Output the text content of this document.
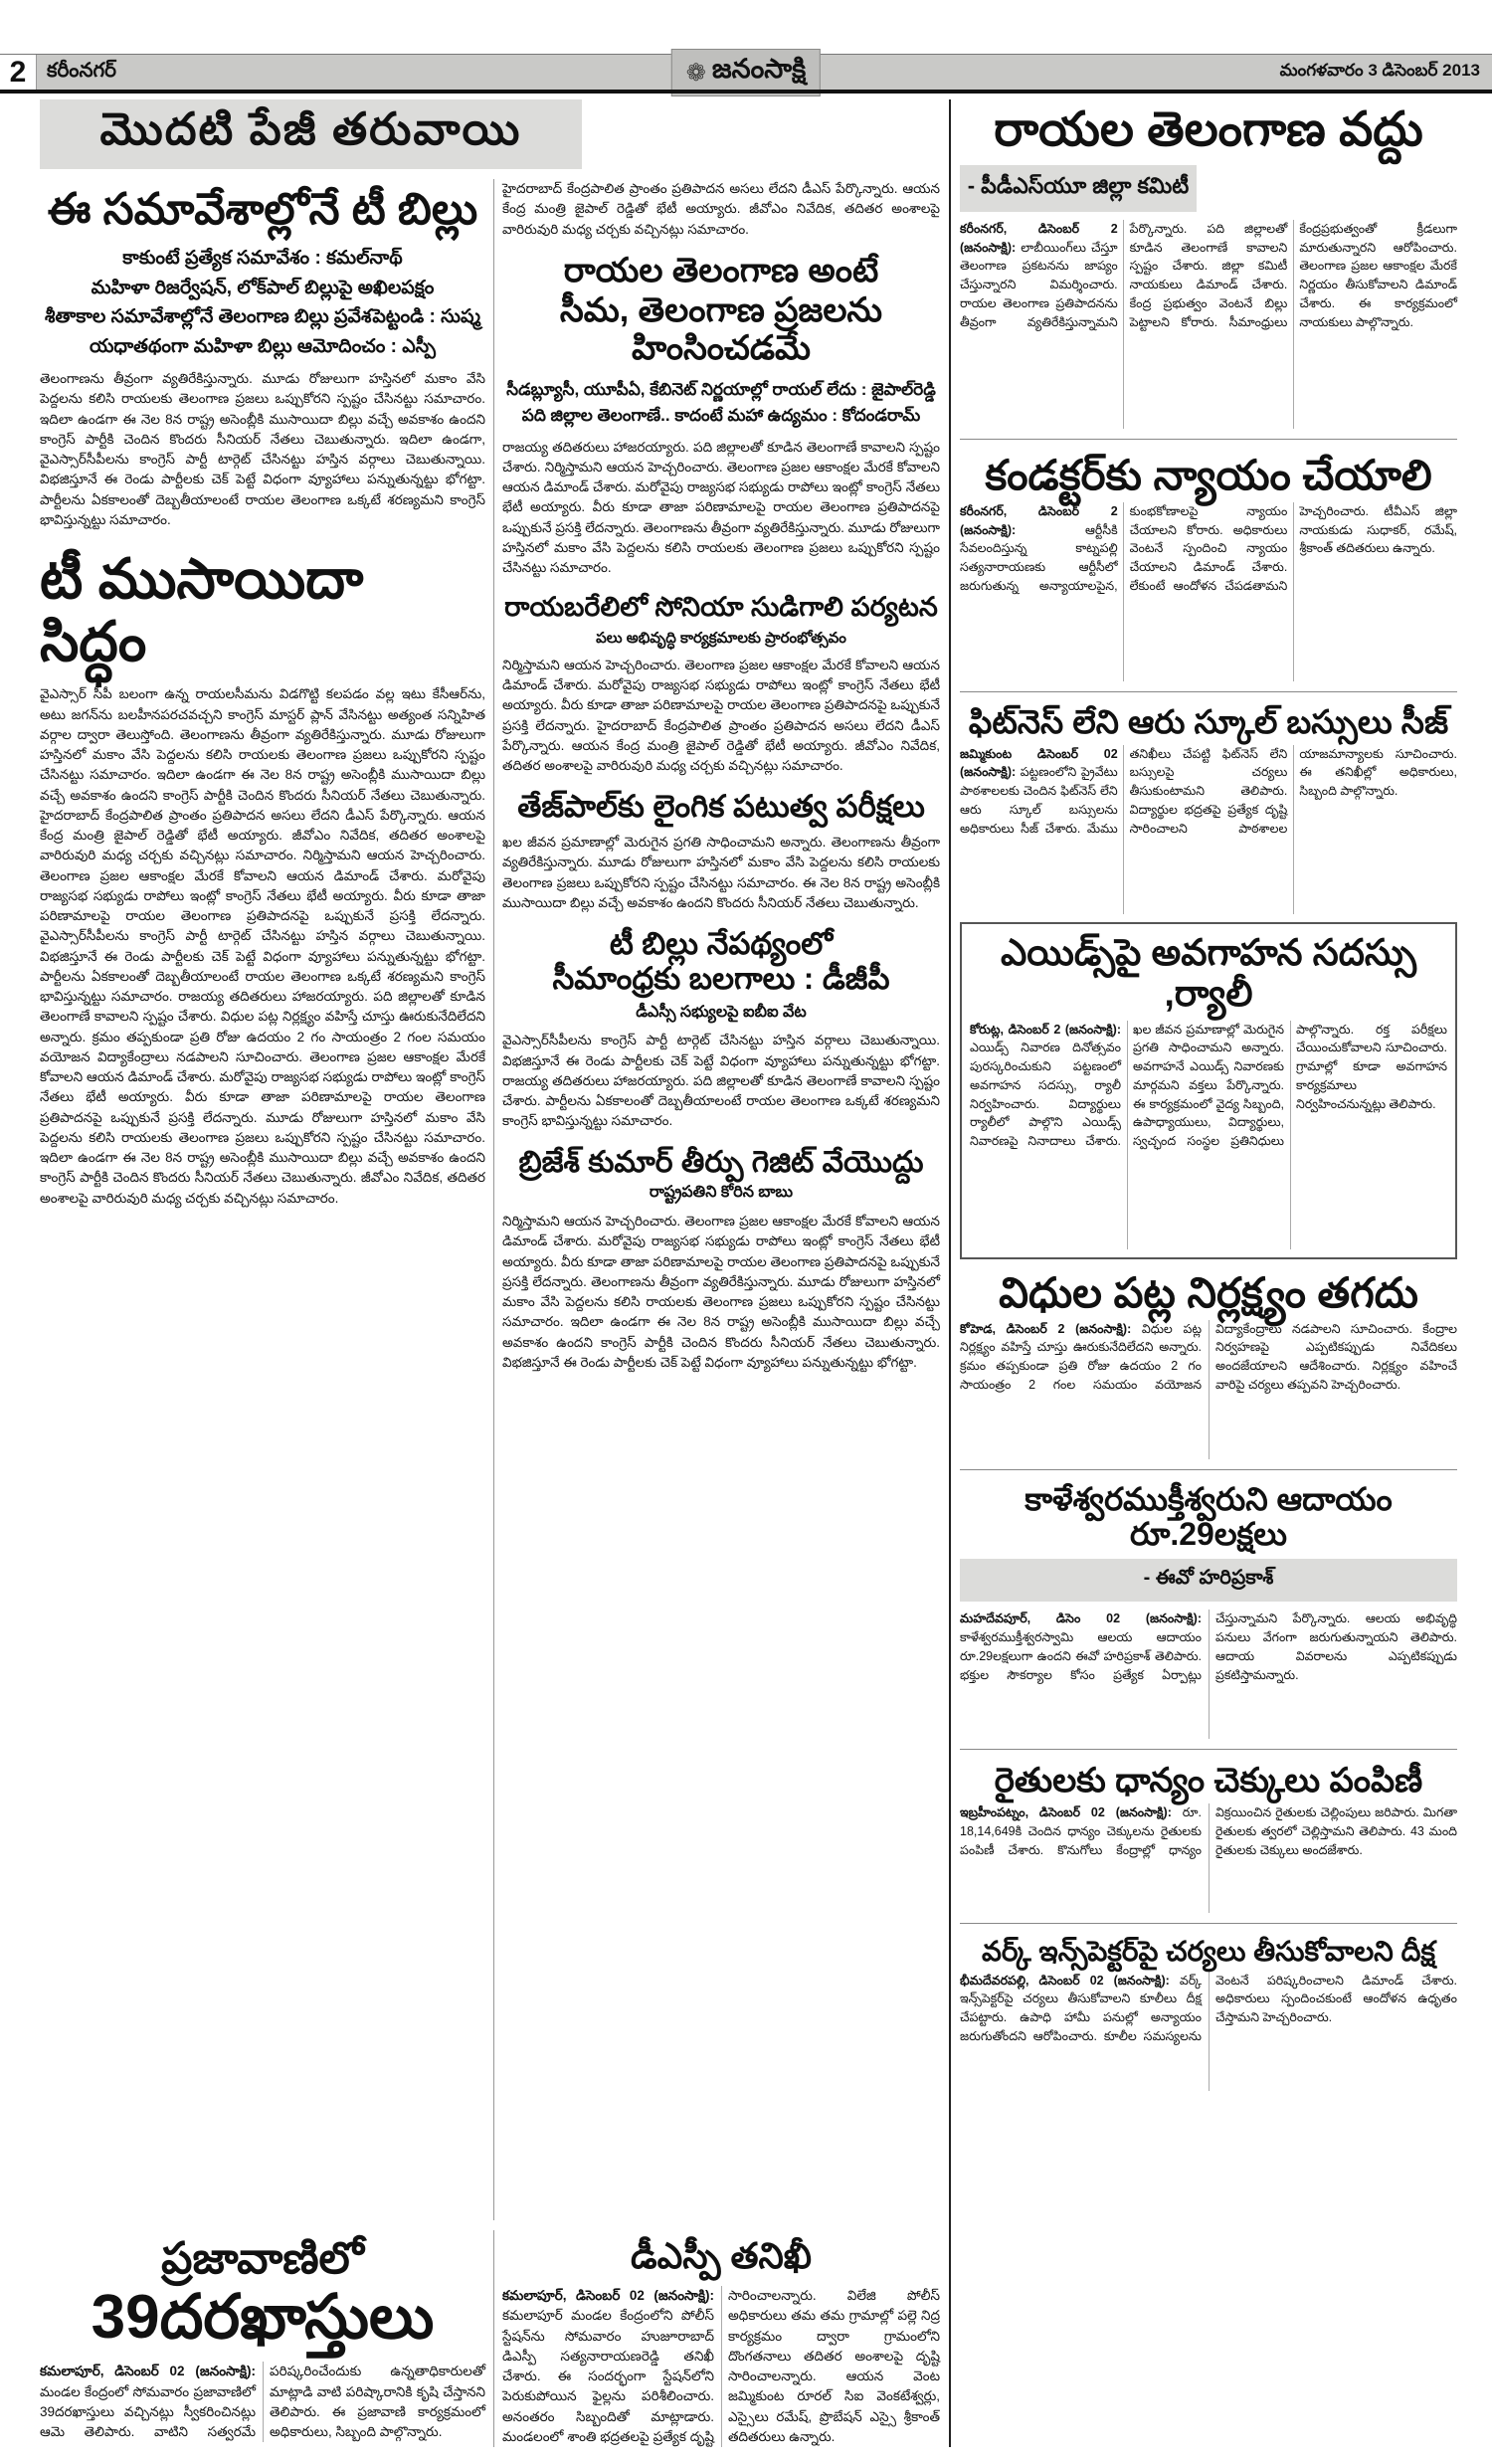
2	కరీంనగర్	❁ జనంసాక్షి	మంగళవారం 3 డిసెంబర్ 2013
మొదటి పేజీ తరువాయి
ఈ సమావేశాల్లోనే టీ బిల్లు
కాకుంటే ప్రత్యేక సమావేశం : కమల్‌నాథ్
మహిళా రిజర్వేషన్, లోక్‌పాల్ బిల్లుపై అఖిలపక్షం
శీతాకాల సమావేశాల్లోనే తెలంగాణ బిల్లు ప్రవేశపెట్టండి : సుష్మ
యధాతథంగా మహిళా బిల్లు ఆమోదించం : ఎస్పీ
తెలంగాణను తీవ్రంగా వ్యతిరేకిస్తున్నారు. మూడు రోజులుగా హస్తినలో మకాం వేసి పెద్దలను కలిసి రాయలకు తెలంగాణ ప్రజలు ఒప్పుకోరని స్పష్టం చేసినట్టు సమాచారం. ఇదిలా ఉండగా ఈ నెల 8న రాష్ట్ర అసెంబ్లీకి ముసాయిదా బిల్లు వచ్చే అవకాశం ఉందని కాంగ్రెస్ పార్టీకి చెందిన కొందరు సీనియర్ నేతలు చెబుతున్నారు. ఇదిలా ఉండగా, వైఎస్సార్‌సీపీలను కాంగ్రెస్ పార్టీ టార్గెట్ చేసినట్టు హస్తిన వర్గాలు చెబుతున్నాయి. విభజిస్తూనే ఈ రెండు పార్టీలకు చెక్ పెట్టే విధంగా వ్యూహాలు పన్నుతున్నట్టు భోగట్టా. పార్టీలను ఏకకాలంతో దెబ్బతీయాలంటే రాయల తెలంగాణ ఒక్కటే శరణ్యమని కాంగ్రెస్ భావిస్తున్నట్టు సమాచారం.
టీ ముసాయిదా సిద్ధం
వైఎస్సార్ సీపీ బలంగా ఉన్న రాయలసీమను విడగొట్టి కలపడం వల్ల ఇటు కేసీఆర్‌ను, అటు జగన్‌ను బలహీనపరచవచ్చని కాంగ్రెస్ మాస్టర్ ప్లాన్ వేసినట్టు అత్యంత సన్నిహిత వర్గాల ద్వారా తెలుస్తోంది. తెలంగాణను తీవ్రంగా వ్యతిరేకిస్తున్నారు. మూడు రోజులుగా హస్తినలో మకాం వేసి పెద్దలను కలిసి రాయలకు తెలంగాణ ప్రజలు ఒప్పుకోరని స్పష్టం చేసినట్టు సమాచారం. ఇదిలా ఉండగా ఈ నెల 8న రాష్ట్ర అసెంబ్లీకి ముసాయిదా బిల్లు వచ్చే అవకాశం ఉందని కాంగ్రెస్ పార్టీకి చెందిన కొందరు సీనియర్ నేతలు చెబుతున్నారు. హైదరాబాద్ కేంద్రపాలిత ప్రాంతం ప్రతిపాదన అసలు లేదని డీఎస్ పేర్కొన్నారు. ఆయన కేంద్ర మంత్రి జైపాల్ రెడ్డితో భేటీ అయ్యారు. జీవోఎం నివేదిక, తదితర అంశాలపై వారిరువురి మధ్య చర్చకు వచ్చినట్లు సమాచారం. నిర్మిస్తామని ఆయన హెచ్చరించారు. తెలంగాణ ప్రజల ఆకాంక్షల మేరకే కోవాలని ఆయన డిమాండ్ చేశారు. మరోవైపు రాజ్యసభ సభ్యుడు రాపోలు ఇంట్లో కాంగ్రెస్ నేతలు భేటీ అయ్యారు. వీరు కూడా తాజా పరిణామాలపై రాయల తెలంగాణ ప్రతిపాదనపై ఒప్పుకునే ప్రసక్తి లేదన్నారు. వైఎస్సార్‌సీపీలను కాంగ్రెస్ పార్టీ టార్గెట్ చేసినట్టు హస్తిన వర్గాలు చెబుతున్నాయి. విభజిస్తూనే ఈ రెండు పార్టీలకు చెక్ పెట్టే విధంగా వ్యూహాలు పన్నుతున్నట్టు భోగట్టా. పార్టీలను ఏకకాలంతో దెబ్బతీయాలంటే రాయల తెలంగాణ ఒక్కటే శరణ్యమని కాంగ్రెస్ భావిస్తున్నట్టు సమాచారం. రాజయ్య తదితరులు హాజరయ్యారు. పది జిల్లాలతో కూడిన తెలంగాణే కావాలని స్పష్టం చేశారు. విధుల పట్ల నిర్లక్ష్యం వహిస్తే చూస్తు ఊరుకునేదిలేదని అన్నారు. క్రమం తప్పకుండా ప్రతి రోజు ఉదయం 2 గం సాయంత్రం 2 గంల సమయం వయోజన విద్యాకేంద్రాలు నడపాలని సూచించారు. తెలంగాణ ప్రజల ఆకాంక్షల మేరకే కోవాలని ఆయన డిమాండ్ చేశారు. మరోవైపు రాజ్యసభ సభ్యుడు రాపోలు ఇంట్లో కాంగ్రెస్ నేతలు భేటీ అయ్యారు. వీరు కూడా తాజా పరిణామాలపై రాయల తెలంగాణ ప్రతిపాదనపై ఒప్పుకునే ప్రసక్తి లేదన్నారు. మూడు రోజులుగా హస్తినలో మకాం వేసి పెద్దలను కలిసి రాయలకు తెలంగాణ ప్రజలు ఒప్పుకోరని స్పష్టం చేసినట్టు సమాచారం. ఇదిలా ఉండగా ఈ నెల 8న రాష్ట్ర అసెంబ్లీకి ముసాయిదా బిల్లు వచ్చే అవకాశం ఉందని కాంగ్రెస్ పార్టీకి చెందిన కొందరు సీనియర్ నేతలు చెబుతున్నారు. జీవోఎం నివేదిక, తదితర అంశాలపై వారిరువురి మధ్య చర్చకు వచ్చినట్లు సమాచారం.
హైదరాబాద్ కేంద్రపాలిత ప్రాంతం ప్రతిపాదన అసలు లేదని డీఎస్ పేర్కొన్నారు. ఆయన కేంద్ర మంత్రి జైపాల్ రెడ్డితో భేటీ అయ్యారు. జీవోఎం నివేదిక, తదితర అంశాలపై వారిరువురి మధ్య చర్చకు వచ్చినట్లు సమాచారం.
రాయల తెలంగాణ అంటే
సీమ, తెలంగాణ ప్రజలను హింసించడమే
సీడబ్ల్యూసీ, యూపీఏ, కేబినెట్ నిర్ణయాల్లో రాయల్ లేదు : జైపాల్‌రెడ్డి
పది జిల్లాల తెలంగాణే.. కాదంటే మహా ఉద్యమం : కోదండరామ్
రాజయ్య తదితరులు హాజరయ్యారు. పది జిల్లాలతో కూడిన తెలంగాణే కావాలని స్పష్టం చేశారు. నిర్మిస్తామని ఆయన హెచ్చరించారు. తెలంగాణ ప్రజల ఆకాంక్షల మేరకే కోవాలని ఆయన డిమాండ్ చేశారు. మరోవైపు రాజ్యసభ సభ్యుడు రాపోలు ఇంట్లో కాంగ్రెస్ నేతలు భేటీ అయ్యారు. వీరు కూడా తాజా పరిణామాలపై రాయల తెలంగాణ ప్రతిపాదనపై ఒప్పుకునే ప్రసక్తి లేదన్నారు. తెలంగాణను తీవ్రంగా వ్యతిరేకిస్తున్నారు. మూడు రోజులుగా హస్తినలో మకాం వేసి పెద్దలను కలిసి రాయలకు తెలంగాణ ప్రజలు ఒప్పుకోరని స్పష్టం చేసినట్టు సమాచారం.
రాయబరేలిలో సోనియా సుడిగాలి పర్యటన
పలు అభివృద్ధి కార్యక్రమాలకు ప్రారంభోత్సవం
నిర్మిస్తామని ఆయన హెచ్చరించారు. తెలంగాణ ప్రజల ఆకాంక్షల మేరకే కోవాలని ఆయన డిమాండ్ చేశారు. మరోవైపు రాజ్యసభ సభ్యుడు రాపోలు ఇంట్లో కాంగ్రెస్ నేతలు భేటీ అయ్యారు. వీరు కూడా తాజా పరిణామాలపై రాయల తెలంగాణ ప్రతిపాదనపై ఒప్పుకునే ప్రసక్తి లేదన్నారు. హైదరాబాద్ కేంద్రపాలిత ప్రాంతం ప్రతిపాదన అసలు లేదని డీఎస్ పేర్కొన్నారు. ఆయన కేంద్ర మంత్రి జైపాల్ రెడ్డితో భేటీ అయ్యారు. జీవోఎం నివేదిక, తదితర అంశాలపై వారిరువురి మధ్య చర్చకు వచ్చినట్లు సమాచారం.
తేజ్‌పాల్‌కు లైంగిక పటుత్వ పరీక్షలు
ఖల జీవన ప్రమాణాల్లో మెరుగైన ప్రగతి సాధించామని అన్నారు. తెలంగాణను తీవ్రంగా వ్యతిరేకిస్తున్నారు. మూడు రోజులుగా హస్తినలో మకాం వేసి పెద్దలను కలిసి రాయలకు తెలంగాణ ప్రజలు ఒప్పుకోరని స్పష్టం చేసినట్టు సమాచారం. ఈ నెల 8న రాష్ట్ర అసెంబ్లీకి ముసాయిదా బిల్లు వచ్చే అవకాశం ఉందని కొందరు సీనియర్ నేతలు చెబుతున్నారు.
టీ బిల్లు నేపథ్యంలో
సీమాంధ్రకు బలగాలు : డీజీపీ
డీఎస్సీ సభ్యులపై ఐబీఐ వేట
వైఎస్సార్‌సీపీలను కాంగ్రెస్ పార్టీ టార్గెట్ చేసినట్టు హస్తిన వర్గాలు చెబుతున్నాయి. విభజిస్తూనే ఈ రెండు పార్టీలకు చెక్ పెట్టే విధంగా వ్యూహాలు పన్నుతున్నట్టు భోగట్టా. రాజయ్య తదితరులు హాజరయ్యారు. పది జిల్లాలతో కూడిన తెలంగాణే కావాలని స్పష్టం చేశారు. పార్టీలను ఏకకాలంతో దెబ్బతీయాలంటే రాయల తెలంగాణ ఒక్కటే శరణ్యమని కాంగ్రెస్ భావిస్తున్నట్టు సమాచారం.
బ్రిజేశ్ కుమార్ తీర్పు గెజిట్ వేయొద్దు
రాష్ట్రపతిని కోరిన బాబు
నిర్మిస్తామని ఆయన హెచ్చరించారు. తెలంగాణ ప్రజల ఆకాంక్షల మేరకే కోవాలని ఆయన డిమాండ్ చేశారు. మరోవైపు రాజ్యసభ సభ్యుడు రాపోలు ఇంట్లో కాంగ్రెస్ నేతలు భేటీ అయ్యారు. వీరు కూడా తాజా పరిణామాలపై రాయల తెలంగాణ ప్రతిపాదనపై ఒప్పుకునే ప్రసక్తి లేదన్నారు. తెలంగాణను తీవ్రంగా వ్యతిరేకిస్తున్నారు. మూడు రోజులుగా హస్తినలో మకాం వేసి పెద్దలను కలిసి రాయలకు తెలంగాణ ప్రజలు ఒప్పుకోరని స్పష్టం చేసినట్టు సమాచారం. ఇదిలా ఉండగా ఈ నెల 8న రాష్ట్ర అసెంబ్లీకి ముసాయిదా బిల్లు వచ్చే అవకాశం ఉందని కాంగ్రెస్ పార్టీకి చెందిన కొందరు సీనియర్ నేతలు చెబుతున్నారు. విభజిస్తూనే ఈ రెండు పార్టీలకు చెక్ పెట్టే విధంగా వ్యూహాలు పన్నుతున్నట్టు భోగట్టా.
ప్రజావాణిలో
39దరఖాస్తులు
కమలాపూర్, డిసెంబర్ 02 (జనంసాక్షి): మండల కేంద్రంలో సోమవారం ప్రజావాణిలో 39దరఖాస్తులు వచ్చినట్లు స్వీకరించినట్లు ఆమె తెలిపారు. వాటిని సత్వరమే పరిష్కరించేందుకు ఉన్నతాధికారులతో మాట్లాడి వాటి పరిష్కారానికి కృషి చేస్తానని తెలిపారు. ఈ ప్రజావాణి కార్యక్రమంలో అధికారులు, సిబ్బంది పాల్గొన్నారు.
డీఎస్పీ తనిఖీ
కమలాపూర్, డిసెంబర్ 02 (జనంసాక్షి): కమలాపూర్ మండల కేంద్రంలోని పోలీస్ స్టేషన్‌ను సోమవారం హుజూరాబాద్ డిఎస్పీ సత్యనారాయణరెడ్డి తనిఖీ చేశారు. ఈ సందర్భంగా స్టేషన్‌లోని పెరుకుపోయిన ఫైల్లను పరిశీలించారు. అనంతరం సిబ్బందితో మాట్లాడారు. మండలంలో శాంతి భద్రతలపై ప్రత్యేక దృష్టి సారించాలన్నారు. విలేజి పోలీస్ అధికారులు తమ తమ గ్రామాల్లో పల్లె నిద్ర కార్యక్రమం ద్వారా గ్రామంలోని దొంగతనాలు తదితర అంశాలపై దృష్టి సారించాలన్నారు. ఆయన వెంట జమ్మికుంట రూరల్ సిఐ వెంకటేశ్వర్లు, ఎస్సైలు రమేష్, ప్రొబేషన్ ఎస్సై శ్రీకాంత్ తదితరులు ఉన్నారు.
రాయల తెలంగాణ వద్దు
- పీడీఎస్‌యూ జిల్లా కమిటీ
కరీంనగర్, డిసెంబర్ 2 (జనంసాక్షి): లాబీయింగ్‌లు చేస్తూ తెలంగాణ ప్రకటనను జాప్యం చేస్తున్నారని విమర్శించారు. రాయల తెలంగాణ ప్రతిపాదనను తీవ్రంగా వ్యతిరేకిస్తున్నామని పేర్కొన్నారు. పది జిల్లాలతో కూడిన తెలంగాణే కావాలని స్పష్టం చేశారు. జిల్లా కమిటీ నాయకులు డిమాండ్ చేశారు. కేంద్ర ప్రభుత్వం వెంటనే బిల్లు పెట్టాలని కోరారు. సీమాంధ్రులు కేంద్రప్రభుత్వంతో క్రీడలుగా మారుతున్నారని ఆరోపించారు. తెలంగాణ ప్రజల ఆకాంక్షల మేరకే నిర్ణయం తీసుకోవాలని డిమాండ్ చేశారు. ఈ కార్యక్రమంలో నాయకులు పాల్గొన్నారు.
కండక్టర్‌కు న్యాయం చేయాలి
కరీంనగర్, డిసెంబర్ 2 (జనంసాక్షి):	ఆర్టీసీకి సేవలందిస్తున్న కాట్నపల్లి సత్యనారాయణకు ఆర్టీసీలో జరుగుతున్న అన్యాయాలపైన, కుంభకోణాలపై న్యాయం చేయాలని కోరారు. అధికారులు వెంటనే స్పందించి న్యాయం చేయాలని డిమాండ్ చేశారు. లేకుంటే ఆందోళన చేపడతామని హెచ్చరించారు. టీవీఎస్ జిల్లా నాయకుడు సుధాకర్, రమేష్, శ్రీకాంత్ తదితరులు ఉన్నారు.
ఫిట్‌నెస్ లేని ఆరు స్కూల్ బస్సులు సీజ్
జమ్మికుంట డిసెంబర్ 02 (జనంసాక్షి): పట్టణంలోని ప్రైవేటు పాఠశాలలకు చెందిన ఫిట్‌నెస్ లేని ఆరు స్కూల్ బస్సులను అధికారులు సీజ్ చేశారు. మేము తనిఖీలు చేపట్టి ఫిట్‌నెస్ లేని బస్సులపై చర్యలు తీసుకుంటామని తెలిపారు. విద్యార్థుల భద్రతపై ప్రత్యేక దృష్టి సారించాలని పాఠశాలల యాజమాన్యాలకు సూచించారు. ఈ తనిఖీల్లో అధికారులు, సిబ్బంది పాల్గొన్నారు.
ఎయిడ్స్‌పై అవగాహన సదస్సు ,ర్యాలీ
కోరుట్ల, డిసెంబర్ 2 (జనంసాక్షి): ఎయిడ్స్ నివారణ దినోత్సవం పురస్కరించుకుని పట్టణంలో అవగాహన సదస్సు, ర్యాలీ నిర్వహించారు. విద్యార్థులు ర్యాలీలో పాల్గొని ఎయిడ్స్ నివారణపై నినాదాలు చేశారు. ఖల జీవన ప్రమాణాల్లో మెరుగైన ప్రగతి సాధించామని అన్నారు. అవగాహనే ఎయిడ్స్ నివారణకు మార్గమని వక్తలు పేర్కొన్నారు. ఈ కార్యక్రమంలో వైద్య సిబ్బంది, ఉపాధ్యాయులు, విద్యార్థులు, స్వచ్ఛంద సంస్థల ప్రతినిధులు పాల్గొన్నారు. రక్త పరీక్షలు చేయించుకోవాలని సూచించారు. గ్రామాల్లో కూడా అవగాహన కార్యక్రమాలు నిర్వహించనున్నట్లు తెలిపారు.
విధుల పట్ల నిర్లక్ష్యం తగదు
కోహెడ, డిసెంబర్ 2 (జనంసాక్షి): విధుల పట్ల నిర్లక్ష్యం వహిస్తే చూస్తు ఊరుకునేదిలేదని అన్నారు. క్రమం తప్పకుండా ప్రతి రోజు ఉదయం 2 గం సాయంత్రం 2 గంల సమయం వయోజన విద్యాకేంద్రాలు నడపాలని సూచించారు. కేంద్రాల నిర్వహణపై ఎప్పటికప్పుడు నివేదికలు అందజేయాలని ఆదేశించారు. నిర్లక్ష్యం వహించే వారిపై చర్యలు తప్పవని హెచ్చరించారు.
కాళేశ్వరముక్తీశ్వరుని ఆదాయం రూ.29లక్షలు
- ఈవో హరిప్రకాశ్
మహదేవపూర్, డిసెం 02 (జనంసాక్షి): కాళేశ్వరముక్తీశ్వరస్వామి ఆలయ ఆదాయం రూ.29లక్షలుగా ఉందని ఈవో హరిప్రకాశ్ తెలిపారు. భక్తుల సౌకర్యాల కోసం ప్రత్యేక ఏర్పాట్లు చేస్తున్నామని పేర్కొన్నారు. ఆలయ అభివృద్ధి పనులు వేగంగా జరుగుతున్నాయని తెలిపారు. ఆదాయ వివరాలను ఎప్పటికప్పుడు ప్రకటిస్తామన్నారు.
రైతులకు ధాన్యం చెక్కులు పంపిణీ
ఇబ్రహీంపట్నం, డిసెంబర్ 02 (జనంసాక్షి): రూ. 18,14,649కి చెందిన ధాన్యం చెక్కులను రైతులకు పంపిణీ చేశారు. కొనుగోలు కేంద్రాల్లో ధాన్యం విక్రయించిన రైతులకు చెల్లింపులు జరిపారు. మిగతా రైతులకు త్వరలో చెల్లిస్తామని తెలిపారు. 43 మంది రైతులకు చెక్కులు అందజేశారు.
వర్క్ ఇన్స్‌పెక్టర్‌పై చర్యలు తీసుకోవాలని దీక్ష
భీమదేవరపల్లి, డిసెంబర్ 02 (జనంసాక్షి): వర్క్ ఇన్స్‌పెక్టర్‌పై చర్యలు తీసుకోవాలని కూలీలు దీక్ష చేపట్టారు. ఉపాధి హామీ పనుల్లో అన్యాయం జరుగుతోందని ఆరోపించారు. కూలీల సమస్యలను వెంటనే పరిష్కరించాలని డిమాండ్ చేశారు. అధికారులు స్పందించకుంటే ఆందోళన ఉధృతం చేస్తామని హెచ్చరించారు.
